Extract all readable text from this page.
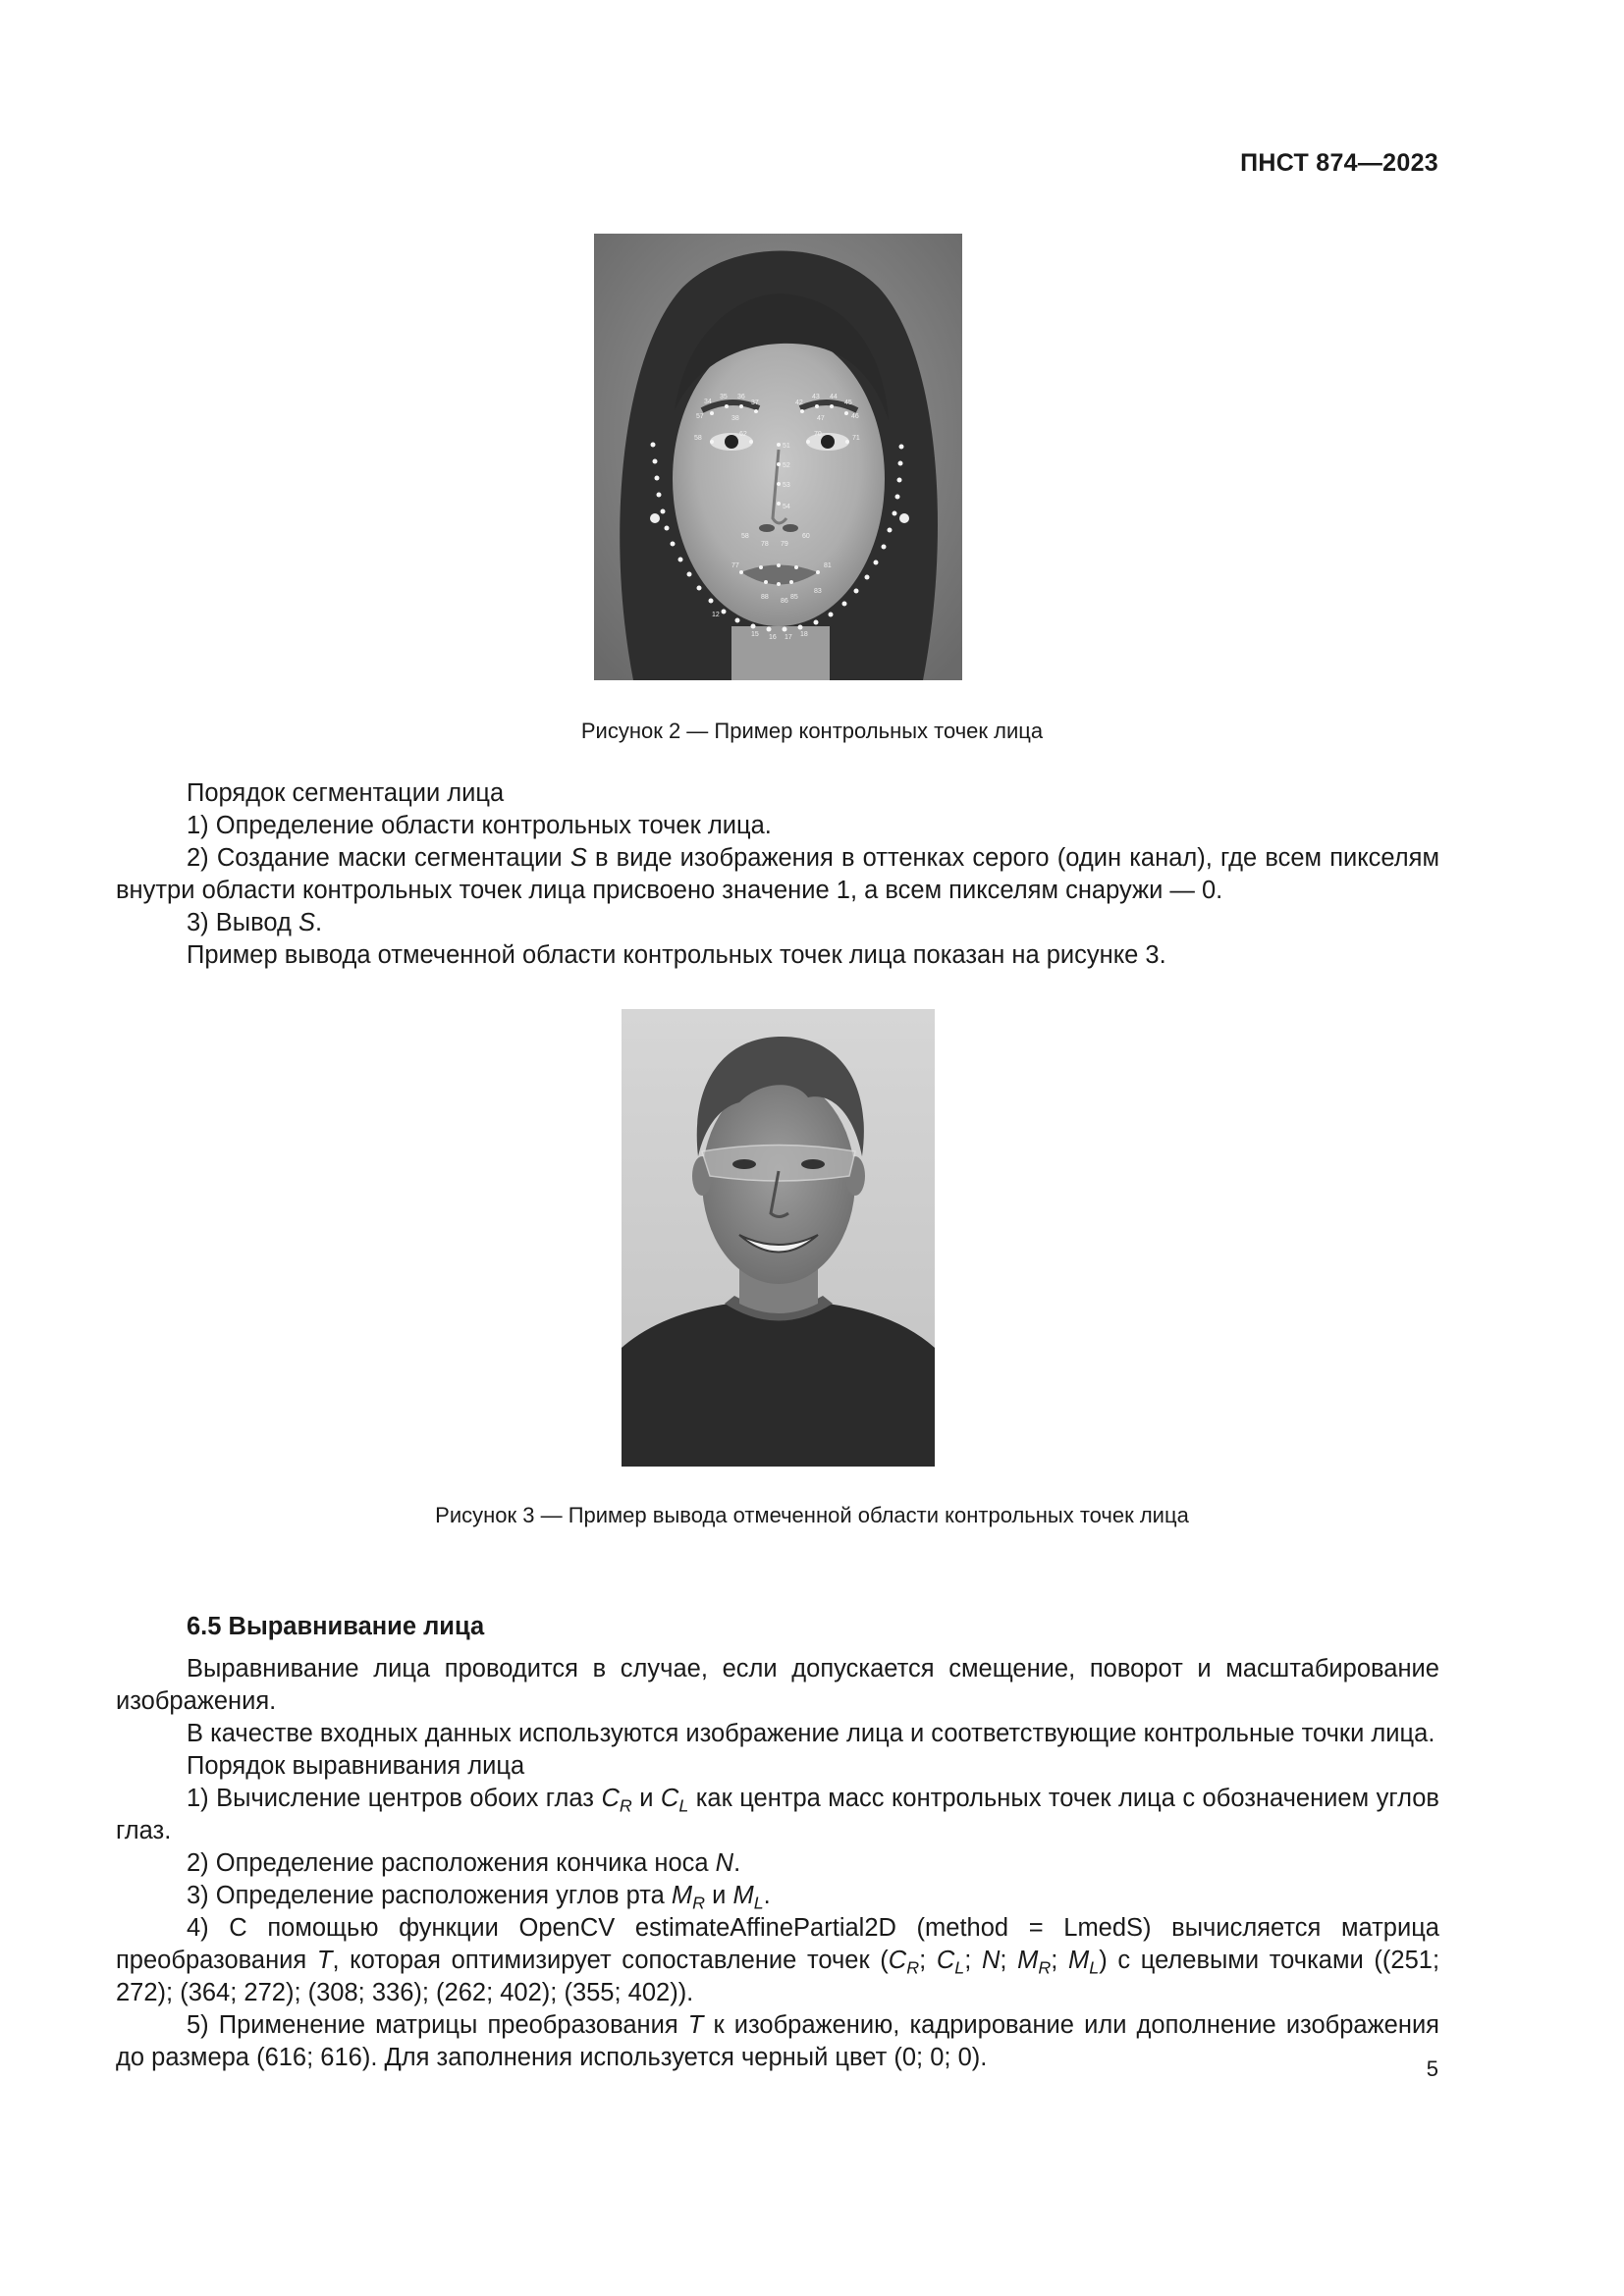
ПНСТ 874—2023
34
35 36
37	42
43 44
45
57	38	47	46
58
62	70
71
51
52
53
54
58	60
78 79
77	81
88
86
85
83
12
15 16 17 18
Рисунок 2 — Пример контрольных точек лица

Порядок сегментации лица

1) Определение области контрольных точек лица.

2) Создание маски сегментации S в виде изображения в оттенках серого (один канал), где всем пикселям внутри области контрольных точек лица присвоено значение 1, а всем пикселям снаружи — 0.

3) Вывод S.

Пример вывода отмеченной области контрольных точек лица показан на рисунке 3.

Рисунок 3 — Пример вывода отмеченной области контрольных точек лица

6.5 Выравнивание лица

Выравнивание лица проводится в случае, если допускается смещение, поворот и масштабирование изображения.

В качестве входных данных используются изображение лица и соответствующие контрольные точки лица.

Порядок выравнивания лица

1) Вычисление центров обоих глаз $C_R$ и $C_L$ как центра масс контрольных точек лица с обозначением углов глаз.

2) Определение расположения кончика носа N.

3) Определение расположения углов рта $M_R$ и $M_L$.

4) С помощью функции OpenCV estimateAffinePartial2D (method = LmedS) вычисляется матрица преобразования T, которая оптимизирует сопоставление точек ($C_R$; $C_L$; N; $M_R$; $M_L$) с целевыми точками ((251; 272); (364; 272); (308; 336); (262; 402); (355; 402)).

5) Применение матрицы преобразования T к изображению, кадрирование или дополнение изображения до размера (616; 616). Для заполнения используется черный цвет (0; 0; 0).	5
